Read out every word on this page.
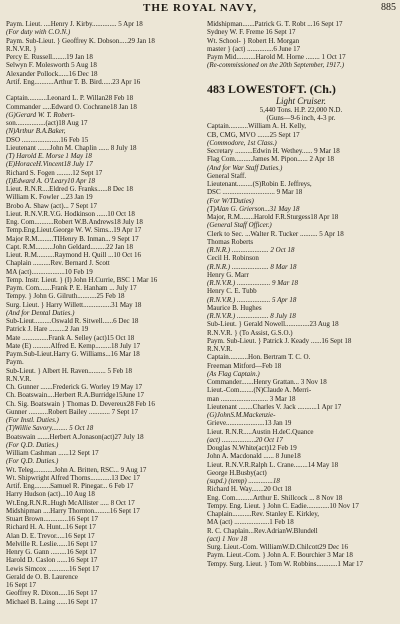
THE ROYAL NAVY,	885
Paym. Lieut. ....Henry J. Kirby.............. 5 Apr 18
(For duty with C.O.N.)
Paym. Sub-Lieut. } Geoffrey K. Dobson.....29 Jan 18
R.N.V.R. }
Percy E. Russell........19 Jan 18
Selwyn F. Molesworth 5 Aug 18
Alexander Pollock......16 Dec 18
Artif. Eng...........Arthur T. B. Bird......23 Apr 16
Captain...........Leonard L. P. Willan28 Feb 18
Commander .....Edward O. Cochrane18 Jan 18
(G)Gerard W. T. Robert-
son.................(act)18 Aug 17
(N)Arthur B.A.Baker,
DSO ......................16 Feb 15
Lieutenant .......John M. Chaplin ...... 8 July 18
(T) Harold E. Morse 1 May 18
(E)HoraceH.Vincent18 July 17
Richard S. Fogen .........12 Sept 17
(I)Edward A. O'Leary10 Apr 18
Lieut. R.N.R....Eldred G. Franks......8 Dec 18
William K. Fowler ...23 Jan 19
Brobo A. Shaw (act)... 7 Sept 17
Lieut. R.N.V.R.V.G. Hodkinson ......10 Oct 18
Eng. Com...........Robert W.B.Andrews18 July 18
Temp.Eng.Lieut.George W. W. Sims...19 Apr 17
Major R.M.........TIHenry B. Inman... 9 Sept 17
Capt. R.M..........John Geldard.........22 Jan 18
Lieut. R.M..........Raymond H. Quill ...10 Oct 16
Chaplain ..........Rev. Bernard J. Scott
MA (act)...................10 Feb 19
Temp. Instr. Lieut. } (I) John H.Currie, BSC 1 Mar 16
Paym. Com.......Frank P. E. Hanham ... July 17
Tempy. } John G. Gilruth...........25 Feb 18
Surg. Lieut. } Harry Willett................31 May 18
(And for Dental Duties.)
Sub-Lieut..........Oswald R. Sitwell......6 Dec 18
Patrick J. Hare .........2 Jan 19
Mate ...............Frank A. Selley (act)15 Oct 18
Mate (E) ..........Alfred E. Kemp.........18 July 17
Paym.Sub-Lieut.Harry G. Williams...16 Mar 18
Paym.
Sub-Lieut. } Albert H. Raven.......... 5 Feb 18
R.N.V.R.
Ch. Gunner .......Frederick G. Worley 19 May 17
Ch. Boatswain....Herbert R.A.Burridge15June 17
Ch. Sig. Boatswain } Thomas D. Devereux28 Feb 16
Gunner ...........Robert Bailey ............ 7 Sept 17
(For Instl. Duties.)
(T)Willie Savory......... 5 Oct 18
Boatswain .......Herbert A.Jonason(act)27 July 18
(For Q.D. Duties.)
William Cashman ......12 Sept 17
(For Q.D. Duties.)
Wt. Teleg............John A. Britten, RSC... 9 Aug 17
Wt. Shipwright Alfred Thorns............13 Dec 17
Artif. Eng.........Samuel R. Pinegar... 6 Feb 17
Harry Hudson (act)...10 Aug 18
Wt.Eng.R.N.R..Hugh McAllister ..... 8 Oct 17
Midshipman ....Harry Thornton.........16 Sept 17
Stuart Brown..............16 Sept 17
Richard H. A. Hunt...16 Sept 17
Alan D. E. Trevor.....16 Sept 17
Melville R. Leslie......16 Sept 17
Henry G. Gann .........16 Sept 17
Harold D. Caslon ......16 Sept 17
Lewis Simcox ............16 Sept 17
Gerald de O. B. Laurence
16 Sept 17
Geoffrey R. Dixon.....16 Sept 17
Michael B. Laing ......16 Sept 17
Midshipman.......Patrick G. T. Robt ...16 Sept 17
Sydney W. F. Freme 16 Sept 17
Wt. School- } Robert H. Morgan
master } (act) ...............6 June 17
Paym Mid...........Harold M. Horne ........ 1 Oct 17
(Re-commissioned on the 20th September, 1917.)
483 LOWESTOFT. (Ch.)
Light Cruiser.
5,440 Tons. H.P. 22,000 N.D.
(Guns—9-6 inch, 4-3 pr.
Captain...........William A. H. Kelly,
CB, CMG, MVO .......25 Sept 17
(Commodore, 1st Class.)
Secretary ..........Edwin H. Wethey...... 9 Mar 18
Flag Com..........James M. Pipon...... 2 Apr 18
(And for War Staff Duties.)
General Staff.
Lieutenant.........(S)Robin E. Jeffreys,
DSC .............................. 9 Mar 18
(For W/TDuties)
(T)Alan G. Grierson...31 May 18
Major, R.M........Harold F.R.Sturgess18 Apr 18
(General Staff Officer.)
Clerk to Sec. ...Walter R. Tucker .......... 5 Apr 18
Thomas Roberts
(R.N.R.) ..................... 2 Oct 18
Cecil H. Robinson
(R.N.R.) ..................... 8 Mar 18
Henry G. Marr
(R.N.V.R.) ................... 9 Mar 18
Henry C. E. Tubb
(R.N.V.R.) ................... 5 Apr 18
Maurice B. Hughes
(R.N.V.R.) .................. 8 July 18
Sub-Lieut. } Gerald Nowell..............23 Aug 18
R.N.V.R. } (To Assist, G.S.O.)
Paym. Sub-Lieut. } Patrick J. Keady ......16 Sept 18
R.N.V.R.
Captain...........Hon. Bertram T. C. O.
Freeman Mitford—Feb 18
(As Flag Captain.)
Commander.......Henry Grattan... 3 Nov 18
Lieut.-Com........(N)Claude A. Merri-
man ........................... 3 Mar 18
Lieutenant ........Charles V. Jack ...........1 Apr 17
(G)JohnS.M.Mackenzie-
Grieve......................13 Jan 19
Lieut. R.N.R.....Austin H.deC.Quance
(act) ...................20 Oct 17
Douglas N.White(act)12 Feb 19
John A. Macdonald ...... 8 June18
Lieut. R.N.V.R.Ralph L. Crane........14 May 18
George H.Busby(act)
(supd.) (temp) ..............18
Richard H. Way.......20 Oct 18
Eng. Com..........Arthur E. Shillcock ... 8 Nov 18
Tempy. Eng. Lieut. } John C. Eadie.............10 Nov 17
Chaplain...........Rev. Stanley E. Kirkley,
MA (act) ....................1 Feb 18
R. C. Chaplain...Rev.AdrianW.Blundell
(act) 1 Nov 18
Surg. Lieut.-Com. WilliamW.D.Chilcott29 Dec 16
Paym. Lieut.-Com. } John A. F. Bourchier 3 Mar 18
Tempy. Surg. Lieut. } Tom W. Robbins............1 Mar 17
